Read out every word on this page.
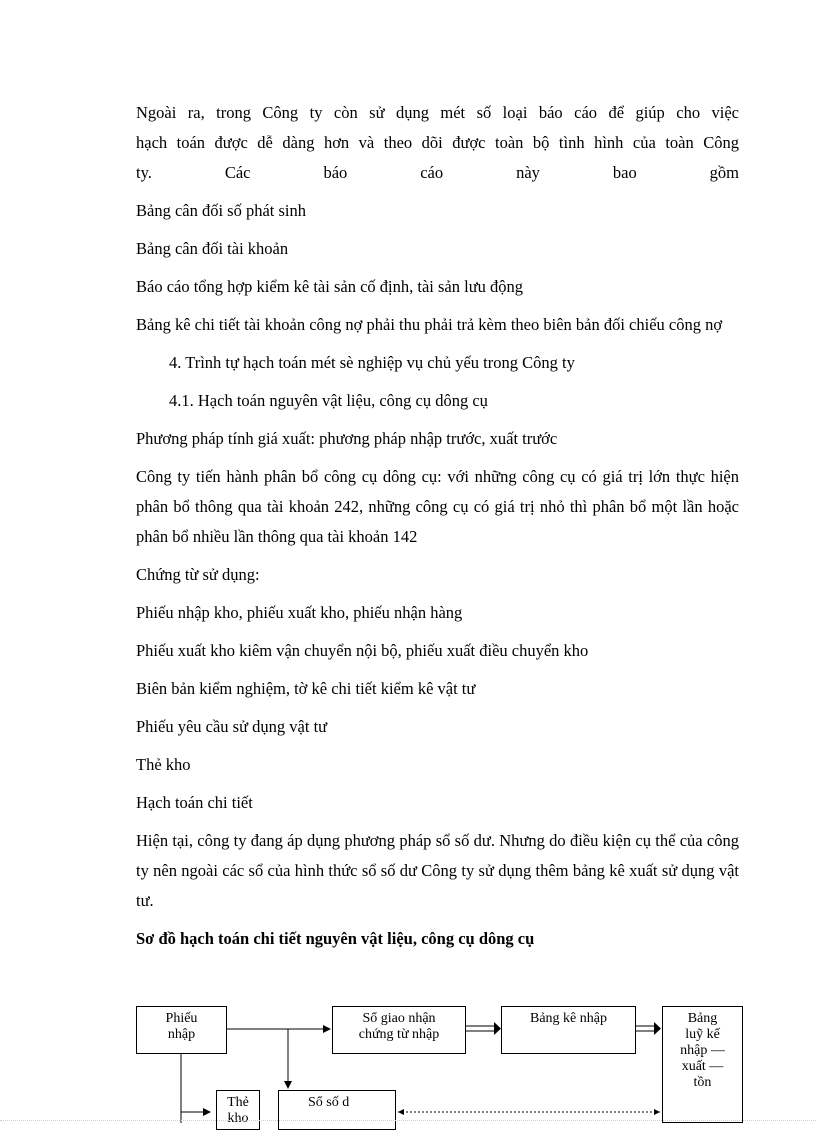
Ngoài ra, trong Công ty còn sử dụng mét số loại báo cáo để giúp cho việc

hạch toán được dễ dàng hơn và theo dõi được toàn bộ tình hình của toàn Công

ty.	Các	báo	cáo	này	bao	gồm

Bảng cân đối số phát sinh

Bảng cân đối tài khoản

Báo cáo tổng hợp kiểm kê tài sản cố định, tài sản lưu động

Bảng kê chi tiết tài khoản công nợ phải thu phải trả kèm theo biên bản đối chiếu công nợ

4. Trình tự hạch toán mét sè nghiệp vụ chủ yếu trong Công ty

4.1. Hạch toán nguyên vật liệu, công cụ dông cụ

Phương pháp tính giá xuất: phương pháp nhập trước, xuất trước

Công ty tiến hành phân bổ công cụ dông cụ: với những công cụ có giá trị lớn thực hiện phân bổ thông qua tài khoản 242, những công cụ có giá trị nhỏ thì phân bổ một lần hoặc phân bổ nhiều lần thông qua tài khoản 142

Chứng từ sử dụng:

Phiếu nhập kho, phiếu xuất kho, phiếu nhận hàng

Phiếu xuất kho kiêm vận chuyển nội bộ, phiếu xuất điều chuyển kho

Biên bản kiểm nghiệm, tờ kê chi tiết kiểm kê vật tư

Phiếu yêu cầu sử dụng vật tư

Thẻ kho

Hạch toán chi tiết

Hiện tại, công ty đang áp dụng phương pháp sổ số dư. Nhưng do điều kiện cụ thể của công ty nên ngoài các sổ của hình thức sổ số dư Công ty sử dụng thêm bảng kê xuất sử dụng vật tư.

Sơ đồ hạch toán chi tiết nguyên vật liệu, công cụ dông cụ

Phiếu
nhập
Sổ giao nhận
chứng từ nhập
Bảng kê nhập	Bảng
luỹ kế
nhập —
xuất —
tồn
Thẻ
kho
Sổ số d
